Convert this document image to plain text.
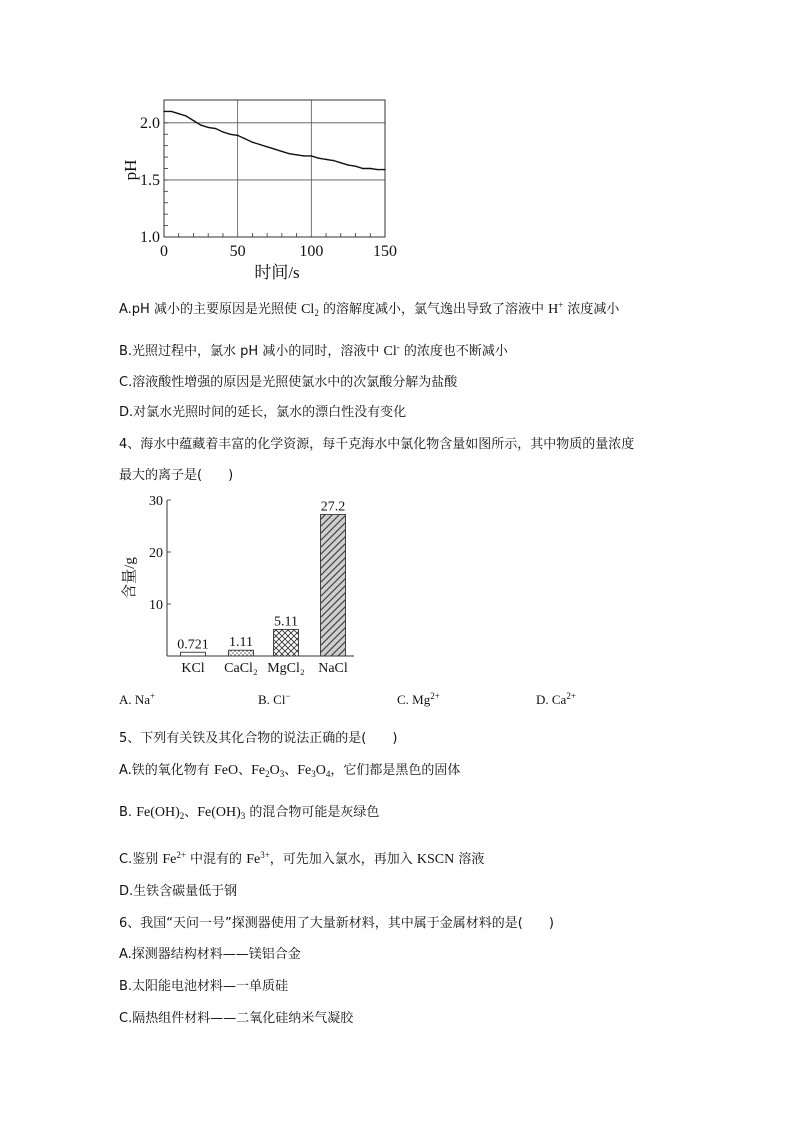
0	50	100	150
1.0
1.5
2.0
pH
时间/s
A.pH 减小的主要原因是光照使 $Cl_2$ 的溶解度减小，氯气逸出导致了溶液中 H+ 浓度减小
B.光照过程中，氯水 pH 减小的同时，溶液中 Cl- 的浓度也不断减小
C.溶液酸性增强的原因是光照使氯水中的次氯酸分解为盐酸
D.对氯水光照时间的延长，氯水的漂白性没有变化
4、海水中蕴藏着丰富的化学资源，每千克海水中氯化物含量如图所示，其中物质的量浓度
最大的离子是(　　)
10
20
30
0.721
KCl
1.11
CaCl₂
5.11
MgCl₂
27.2
NaCl
含量/g
A. Na+	B. Cl−	C. $Mg^{2+}$	D. $Ca^{2+}$
5、下列有关铁及其化合物的说法正确的是(　　)
A.铁的氧化物有 FeO、$Fe_2O_3$、$Fe_3O_4$，它们都是黑色的固体
B. $Fe(OH)_2$、$Fe(OH)_3$ 的混合物可能是灰绿色
C.鉴别 $Fe^{2+}$ 中混有的 $Fe^{3+}$，可先加入氯水，再加入 KSCN 溶液
D.生铁含碳量低于钢
6、我国“天问一号”探测器使用了大量新材料，其中属于金属材料的是(　　)
A.探测器结构材料——镁铝合金
B.太阳能电池材料—一单质硅
C.隔热组件材料——二氧化硅纳米气凝胶
